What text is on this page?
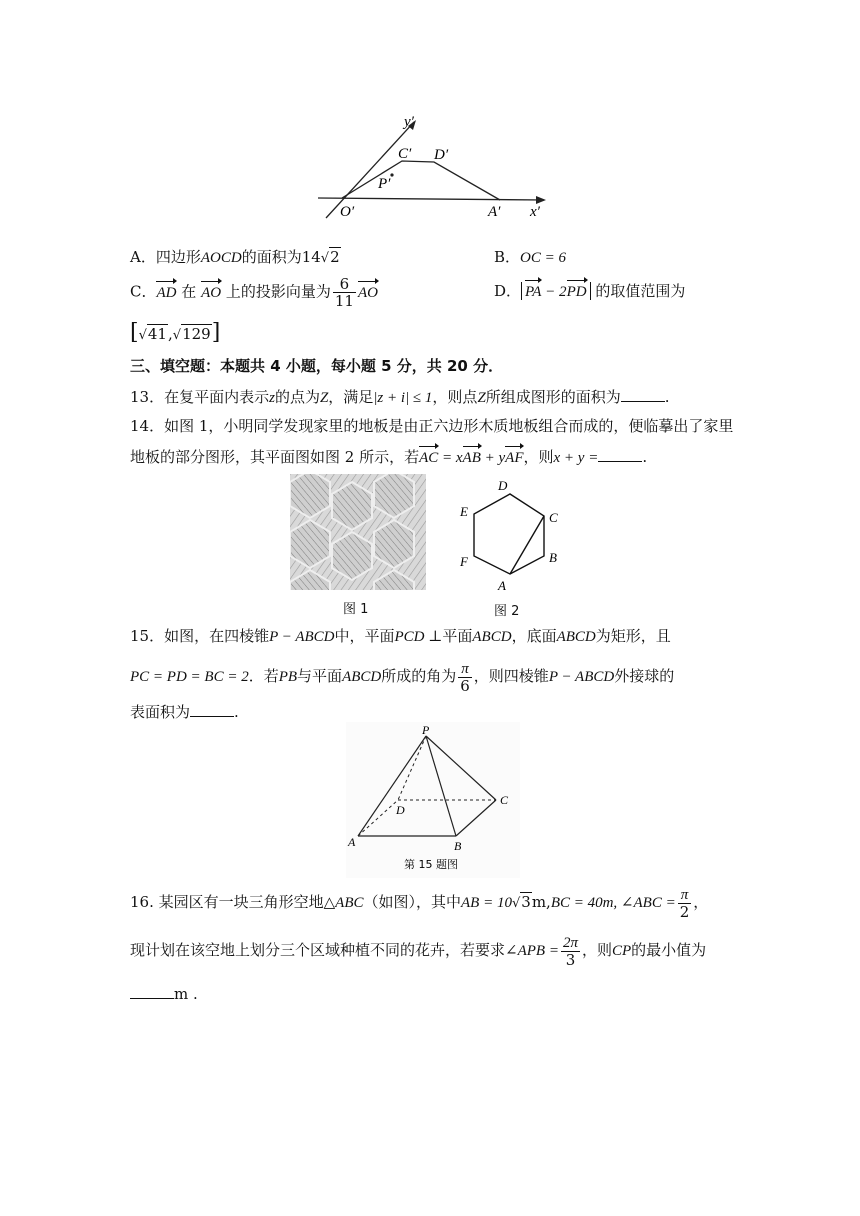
y′
C′ D′
P′
O′	A′ x′
A．四边形AOCD的面积为14√2	B．OC = 6
C．AD 在 AO 上的投影向量为 $\frac{6}{11}$ AO	D． PA − 2PD 的取值范围为
[√41,√129]
三、填空题：本题共 4 小题，每小题 5 分，共 20 分．
13．在复平面内表示z的点为Z，满足|z + i| ≤ 1，则点Z所组成图形的面积为	.
14．如图 1，小明同学发现家里的地板是由正六边形木质地板组合而成的，便临摹出了家里
地板的部分图形，其平面图如图 2 所示，若AC = xAB + yAF，则x + y =	.
图 1
A
B
C
D
E
F
图 2
15．如图，在四棱锥P − ABCD中，平面PCD ⊥平面ABCD，底面ABCD为矩形，且
PC = PD = BC = 2．若PB与平面ABCD所成的角为 $\frac{\pi}{6}$ ，则四棱锥P − ABCD外接球的
表面积为	.
P
D
C
A	B
第 15 题图
16. 某园区有一块三角形空地△ABC（如图），其中AB = 10√3m,BC = 40m, ∠ABC = $\frac{\pi}{2}$ ，
现计划在该空地上划分三个区域种植不同的花卉，若要求∠APB = $\frac{2\pi}{3}$ ，则CP的最小值为
m .
